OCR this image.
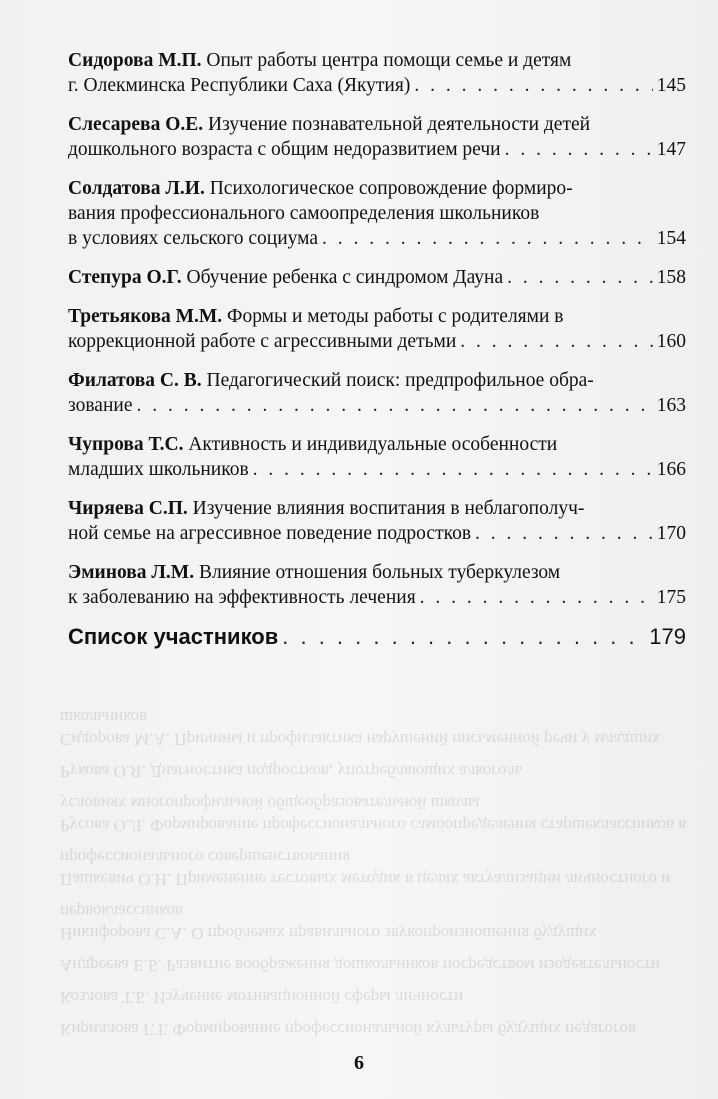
Кириллова Г.Т. Формирование профессиональной культуры будущих педагогов

Козлова Т.Б. Изучение мотивационной сферы личности

Андреева Е.Б. Развитие воображения дошкольников посредством изодеятельности

Никифорова С.А. О проблемах правильного звукопроизношения будущих первоклассников

Пашкевич О.Н. Применение тестовых методик в целях актуализации личностного и профессионального совершенствования

Русова О.Л. Формирование профессионального самоопределения старшеклассников в условиях многопрофильной общеобразовательной школы

Рукова О.Я. Диагностика подростков, употребляющих алкоголь

Сидорова М.А. Причины и профилактика нарушений письменной речи у младших школьников

Сидорова М.П. Опыт работы центра помощи семье и детям
г. Олекминска Республики Саха (Якутия) . . .	145
Слесарева О.Е. Изучение познавательной деятельности детей
дошкольного возраста с общим недоразвитием речи . . .	147
Солдатова Л.И. Психологическое сопровождение формиро-
вания профессионального самоопределения школьников
в условиях сельского социума . . .	154
Степура О.Г. Обучение ребенка с синдромом Дауна . . .	158
Третьякова М.М. Формы и методы работы с родителями в
коррекционной работе с агрессивными детьми . . .	160
Филатова С. В. Педагогический поиск: предпрофильное обра-
зование . . .	163
Чупрова Т.С. Активность и индивидуальные особенности
младших школьников . . .	166
Чиряева С.П. Изучение влияния воспитания в неблагополуч-
ной семье на агрессивное поведение подростков . . .	170
Эминова Л.М. Влияние отношения больных туберкулезом
к заболеванию на эффективность лечения . . .	175
Список участников . . .	179
6
